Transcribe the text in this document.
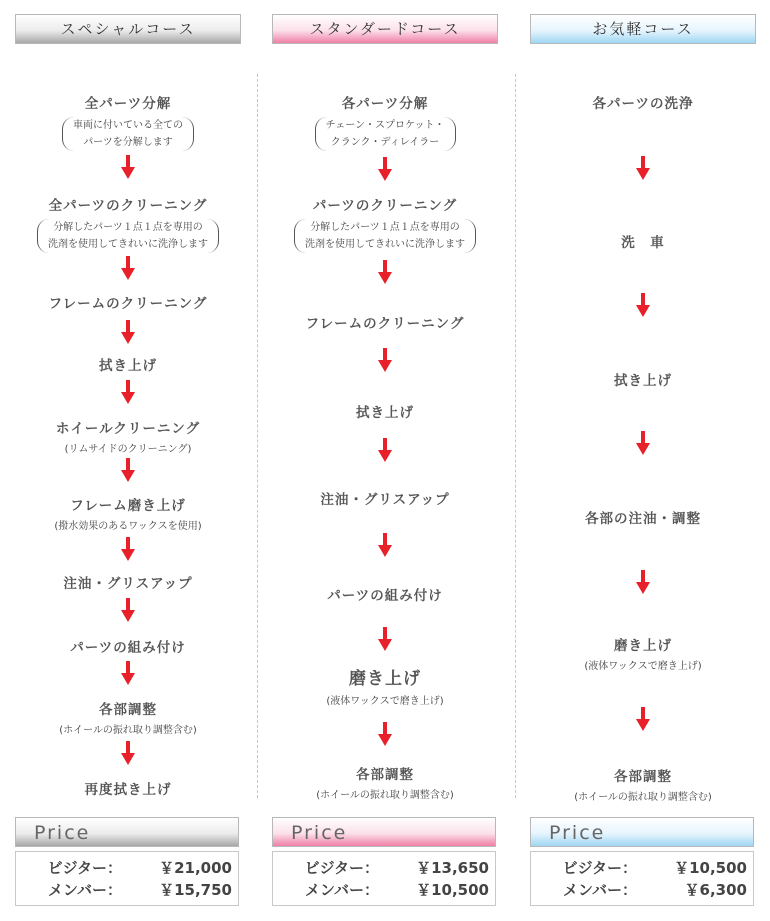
スペシャルコース
全パーツ分解
車両に付いている全ての
パーツを分解します
全パーツのクリーニング
分解したパーツ１点１点を専用の
洗剤を使用してきれいに洗浄します
フレームのクリーニング
拭き上げ
ホイールクリーニング
(リムサイドのクリーニング)
フレーム磨き上げ
(撥水効果のあるワックスを使用)
注油・グリスアップ
パーツの組み付け
各部調整
(ホイールの振れ取り調整含む)
再度拭き上げ
Price
ビジター：	￥21,000
メンバー：	￥15,750
スタンダードコース
各パーツ分解
チェーン・スプロケット・
クランク・ディレイラー
パーツのクリーニング
分解したパーツ１点１点を専用の
洗剤を使用してきれいに洗浄します
フレームのクリーニング
拭き上げ
注油・グリスアップ
パーツの組み付け
磨き上げ
(液体ワックスで磨き上げ)
各部調整
(ホイールの振れ取り調整含む)
Price
ビジター：	￥13,650
メンバー：	￥10,500
お気軽コース
各パーツの洗浄
洗　車
拭き上げ
各部の注油・調整
磨き上げ
(液体ワックスで磨き上げ)
各部調整
(ホイールの振れ取り調整含む)
Price
ビジター：	￥10,500
メンバー：	￥6,300
